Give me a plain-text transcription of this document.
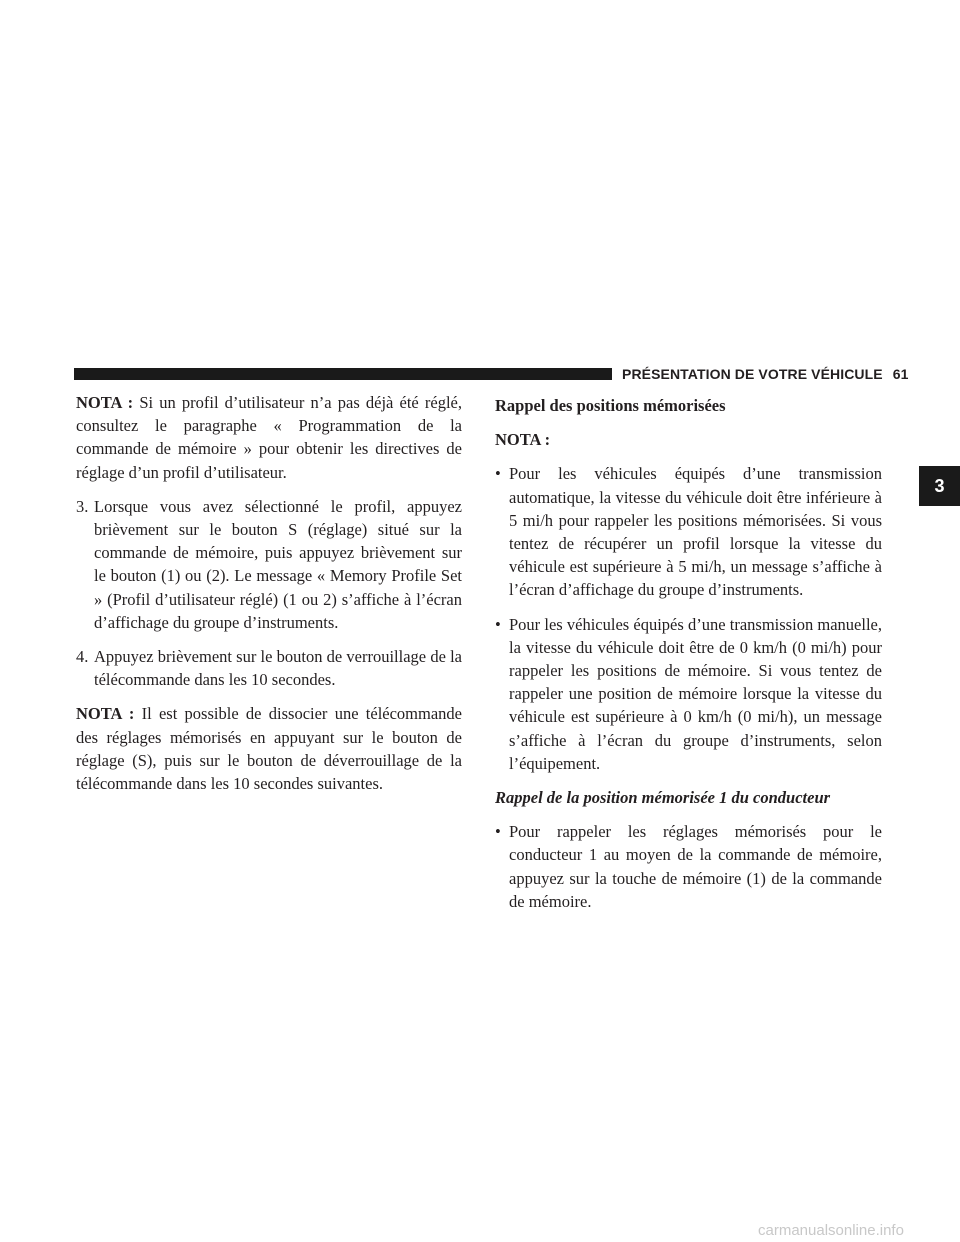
PRÉSENTATION DE VOTRE VÉHICULE 61
3

NOTA : Si un profil d’utilisateur n’a pas déjà été réglé, consultez le paragraphe « Programmation de la commande de mémoire » pour obtenir les directives de réglage d’un profil d’utilisateur.

3. Lorsque vous avez sélectionné le profil, appuyez brièvement sur le bouton S (réglage) situé sur la commande de mémoire, puis appuyez brièvement sur le bouton (1) ou (2). Le message « Memory Profile Set » (Profil d’utilisateur réglé) (1 ou 2) s’affiche à l’écran d’affichage du groupe d’instruments.
4. Appuyez brièvement sur le bouton de verrouillage de la télécommande dans les 10 secondes.

NOTA : Il est possible de dissocier une télécommande des réglages mémorisés en appuyant sur le bouton de réglage (S), puis sur le bouton de déverrouillage de la télécommande dans les 10 secondes suivantes.

Rappel des positions mémorisées
NOTA :
• Pour les véhicules équipés d’une transmission automatique, la vitesse du véhicule doit être inférieure à 5 mi/h pour rappeler les positions mémorisées. Si vous tentez de récupérer un profil lorsque la vitesse du véhicule est supérieure à 5 mi/h, un message s’affiche à l’écran d’affichage du groupe d’instruments.
• Pour les véhicules équipés d’une transmission manuelle, la vitesse du véhicule doit être de 0 km/h (0 mi/h) pour rappeler les positions de mémoire. Si vous tentez de rappeler une position de mémoire lorsque la vitesse du véhicule est supérieure à 0 km/h (0 mi/h), un message s’affiche à l’écran du groupe d’instruments, selon l’équipement.
Rappel de la position mémorisée 1 du conducteur
• Pour rappeler les réglages mémorisés pour le conducteur 1 au moyen de la commande de mémoire, appuyez sur la touche de mémoire (1) de la commande de mémoire.
carmanualsonline.info
